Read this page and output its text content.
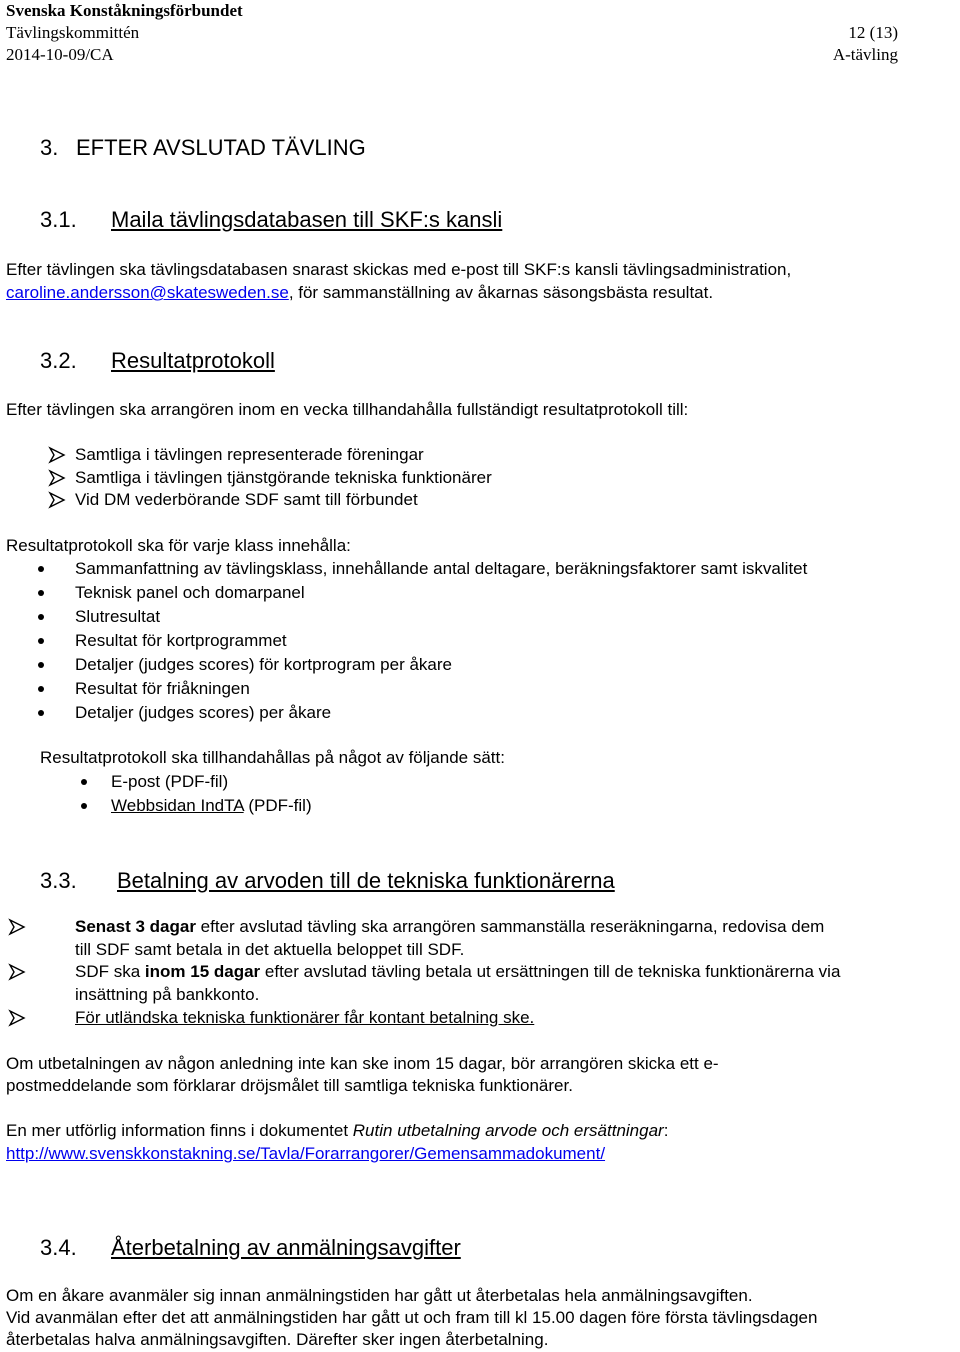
Svenska Konståkningsförbundet
Tävlingskommittén	12 (13)
2014-10-09/CA	A-tävling
3. EFTER AVSLUTAD TÄVLING
3.1. Maila tävlingsdatabasen till SKF:s kansli
Efter tävlingen ska tävlingsdatabasen snarast skickas med e-post till SKF:s kansli tävlingsadministration,
caroline.andersson@skatesweden.se, för sammanställning av åkarnas säsongsbästa resultat.
3.2. Resultatprotokoll
Efter tävlingen ska arrangören inom en vecka tillhandahålla fullständigt resultatprotokoll till:
Samtliga i tävlingen representerade föreningar
Samtliga i tävlingen tjänstgörande tekniska funktionärer
Vid DM vederbörande SDF samt till förbundet
Resultatprotokoll ska för varje klass innehålla:
Sammanfattning av tävlingsklass, innehållande antal deltagare, beräkningsfaktorer samt iskvalitet
Teknisk panel och domarpanel
Slutresultat
Resultat för kortprogrammet
Detaljer (judges scores) för kortprogram per åkare
Resultat för friåkningen
Detaljer (judges scores) per åkare
Resultatprotokoll ska tillhandahållas på något av följande sätt:
E-post (PDF-fil)
Webbsidan IndTA (PDF-fil)
3.3. Betalning av arvoden till de tekniska funktionärerna
Senast 3 dagar efter avslutad tävling ska arrangören sammanställa reseräkningarna, redovisa dem
till SDF samt betala in det aktuella beloppet till SDF.
SDF ska inom 15 dagar efter avslutad tävling betala ut ersättningen till de tekniska funktionärerna via
insättning på bankkonto.
För utländska tekniska funktionärer får kontant betalning ske.
Om utbetalningen av någon anledning inte kan ske inom 15 dagar, bör arrangören skicka ett e-
postmeddelande som förklarar dröjsmålet till samtliga tekniska funktionärer.
En mer utförlig information finns i dokumentet Rutin utbetalning arvode och ersättningar:
http://www.svenskkonstakning.se/Tavla/Forarrangorer/Gemensammadokument/
3.4. Återbetalning av anmälningsavgifter
Om en åkare avanmäler sig innan anmälningstiden har gått ut återbetalas hela anmälningsavgiften.
Vid avanmälan efter det att anmälningstiden har gått ut och fram till kl 15.00 dagen före första tävlingsdagen
återbetalas halva anmälningsavgiften. Därefter sker ingen återbetalning.
